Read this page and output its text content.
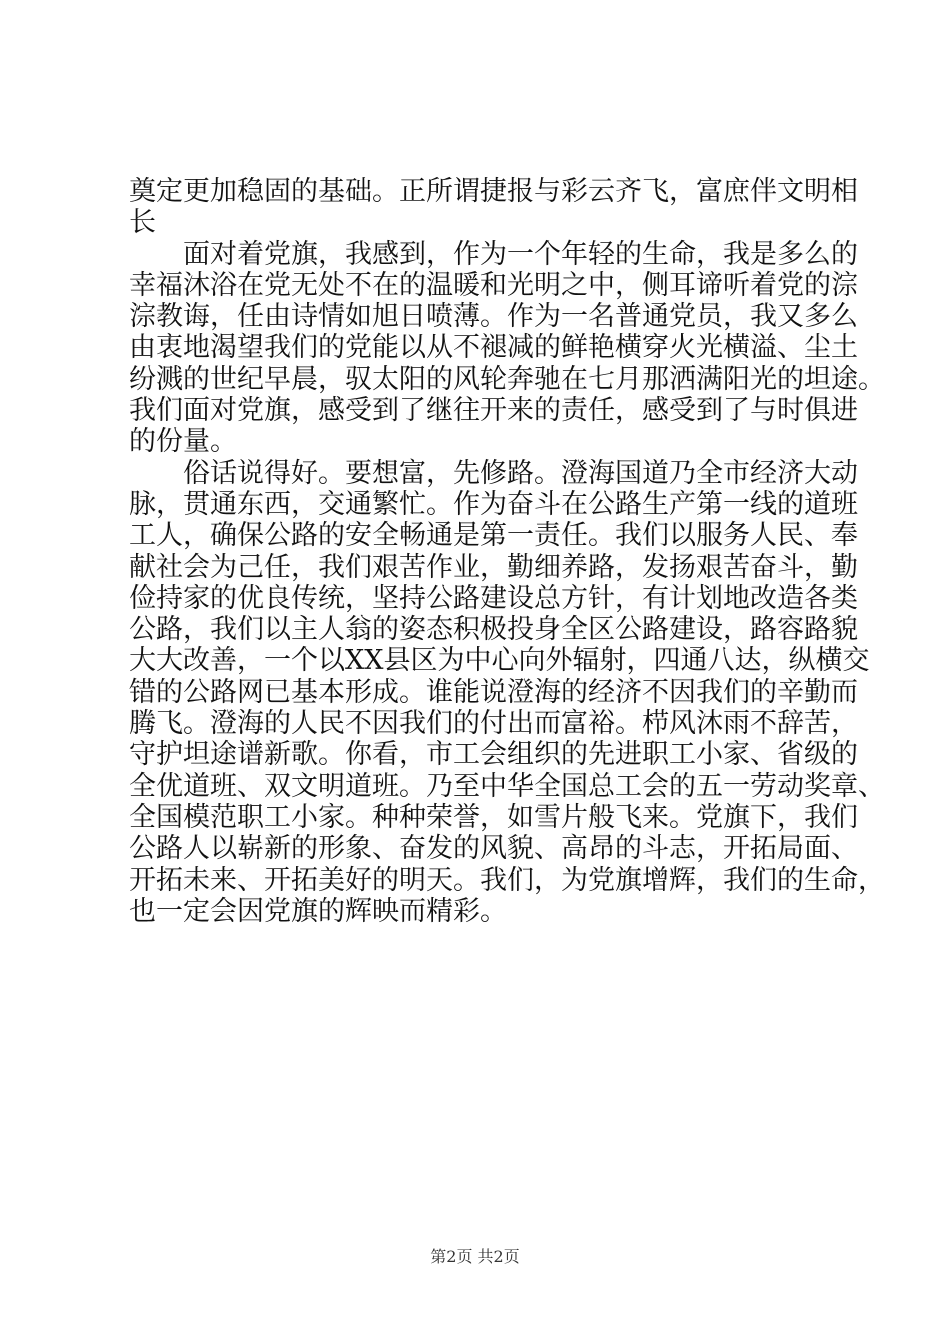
奠定更加稳固的基础。正所谓捷报与彩云齐飞，富庶伴文明相
长
面对着党旗，我感到，作为一个年轻的生命，我是多么的
幸福沐浴在党无处不在的温暖和光明之中，侧耳谛听着党的淙
淙教诲，任由诗情如旭日喷薄。作为一名普通党员，我又多么
由衷地渴望我们的党能以从不褪减的鲜艳横穿火光横溢、尘土
纷溅的世纪早晨，驭太阳的风轮奔驰在七月那洒满阳光的坦途。
我们面对党旗，感受到了继往开来的责任，感受到了与时俱进
的份量。
俗话说得好。要想富，先修路。澄海国道乃全市经济大动
脉，贯通东西，交通繁忙。作为奋斗在公路生产第一线的道班
工人，确保公路的安全畅通是第一责任。我们以服务人民、奉
献社会为己任，我们艰苦作业，勤细养路，发扬艰苦奋斗，勤
俭持家的优良传统，坚持公路建设总方针，有计划地改造各类
公路，我们以主人翁的姿态积极投身全区公路建设，路容路貌
大大改善，一个以XX县区为中心向外辐射，四通八达，纵横交
错的公路网已基本形成。谁能说澄海的经济不因我们的辛勤而
腾飞。澄海的人民不因我们的付出而富裕。栉风沐雨不辞苦，
守护坦途谱新歌。你看，市工会组织的先进职工小家、省级的
全优道班、双文明道班。乃至中华全国总工会的五一劳动奖章、
全国模范职工小家。种种荣誉，如雪片般飞来。党旗下，我们
公路人以崭新的形象、奋发的风貌、高昂的斗志，开拓局面、
开拓未来、开拓美好的明天。我们，为党旗增辉，我们的生命，
也一定会因党旗的辉映而精彩。
第2页 共2页
